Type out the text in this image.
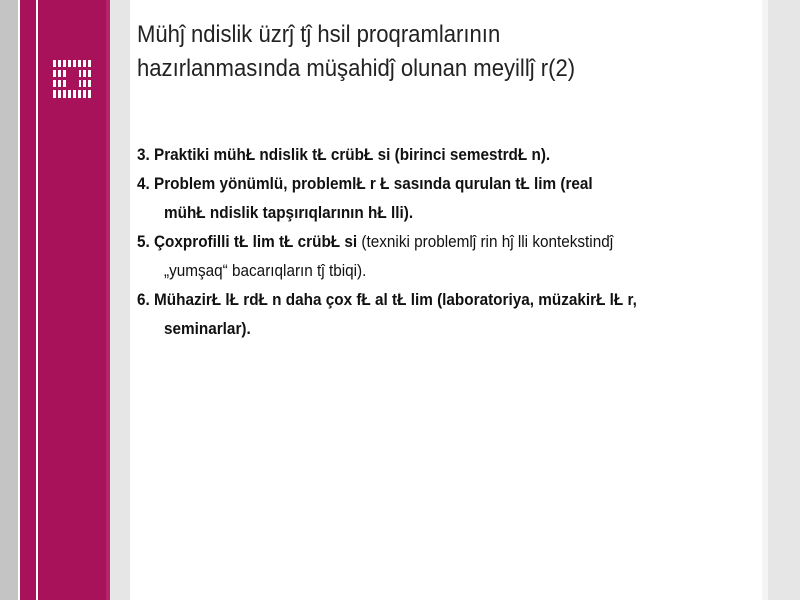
Mühĵ ndislik üzrĵ tĵ hsil proqramlarının
hazırlanmasında müşahidĵ olunan meyillĵ r(2)
3. Praktiki mühŁ ndislik tŁ crübŁ si (birinci semestrdŁ n).
4. Problem yönümlü, problemlŁ r Ł sasında qurulan tŁ lim (real
mühŁ ndislik tapşırıqlarının hŁ lli).
5. Çoxprofilli tŁ lim tŁ crübŁ si (texniki problemlĵ rin hĵ lli kontekstindĵ
„yumşaq“ bacarıqların tĵ tbiqi).
6. MühazirŁ lŁ rdŁ n daha çox fŁ al tŁ lim (laboratoriya, müzakirŁ lŁ r,
seminarlar).
